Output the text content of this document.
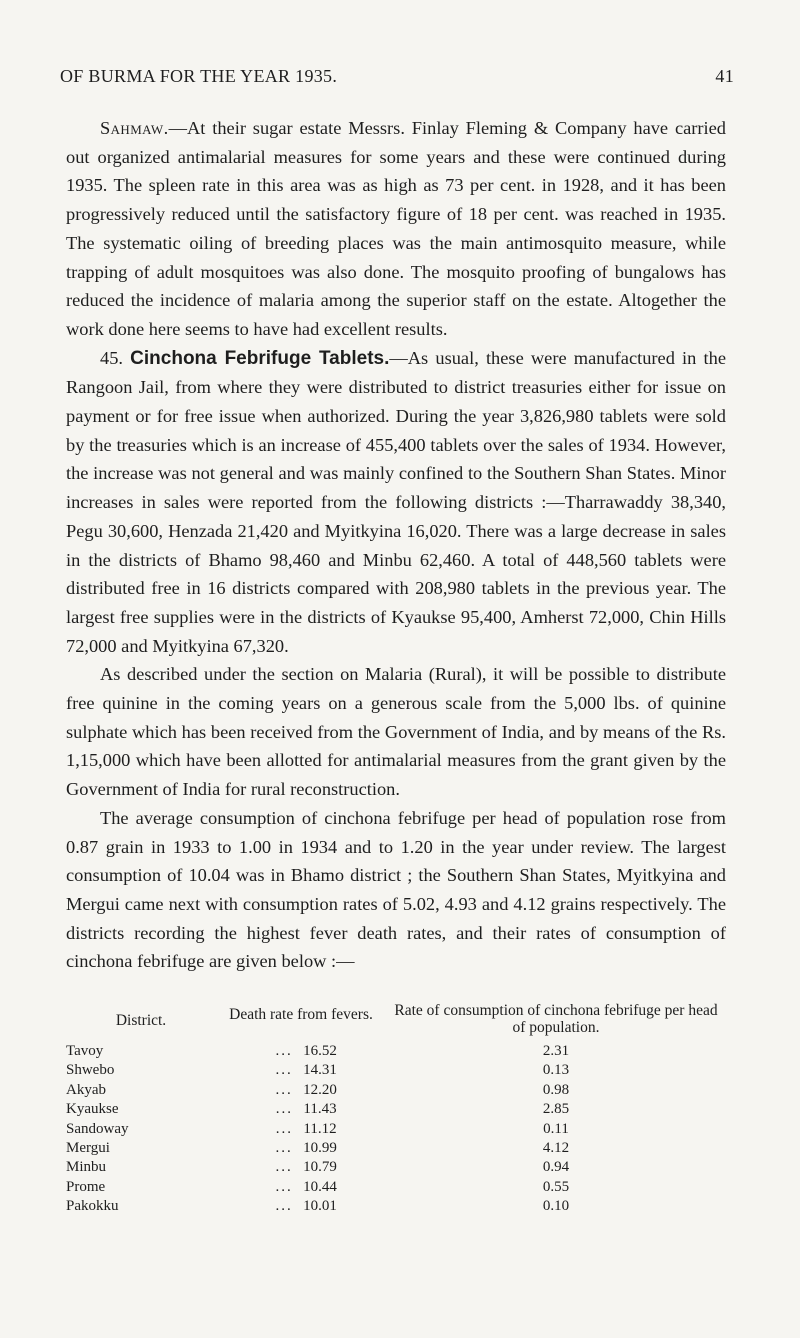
OF BURMA FOR THE YEAR 1935.	41

Sahmaw.—At their sugar estate Messrs. Finlay Fleming & Company have carried out organized antimalarial measures for some years and these were continued during 1935. The spleen rate in this area was as high as 73 per cent. in 1928, and it has been progressively reduced until the satisfactory figure of 18 per cent. was reached in 1935. The systematic oiling of breeding places was the main antimosquito measure, while trapping of adult mosquitoes was also done. The mosquito proofing of bungalows has reduced the incidence of malaria among the superior staff on the estate. Altogether the work done here seems to have had excellent results.

45. Cinchona Febrifuge Tablets.—As usual, these were manufactured in the Rangoon Jail, from where they were distributed to district treasuries either for issue on payment or for free issue when authorized. During the year 3,826,980 tablets were sold by the treasuries which is an increase of 455,400 tablets over the sales of 1934. However, the increase was not general and was mainly confined to the Southern Shan States. Minor increases in sales were reported from the following districts :—Tharrawaddy 38,340, Pegu 30,600, Henzada 21,420 and Myitkyina 16,020. There was a large decrease in sales in the districts of Bhamo 98,460 and Minbu 62,460. A total of 448,560 tablets were distributed free in 16 districts compared with 208,980 tablets in the previous year. The largest free supplies were in the districts of Kyaukse 95,400, Amherst 72,000, Chin Hills 72,000 and Myitkyina 67,320.

As described under the section on Malaria (Rural), it will be possible to distribute free quinine in the coming years on a generous scale from the 5,000 lbs. of quinine sulphate which has been received from the Government of India, and by means of the Rs. 1,15,000 which have been allotted for antimalarial measures from the grant given by the Government of India for rural reconstruction.

The average consumption of cinchona febrifuge per head of population rose from 0.87 grain in 1933 to 1.00 in 1934 and to 1.20 in the year under review. The largest consumption of 10.04 was in Bhamo district ; the Southern Shan States, Myitkyina and Mergui came next with consumption rates of 5.02, 4.93 and 4.12 grains respectively. The districts recording the highest fever death rates, and their rates of consumption of cinchona febrifuge are given below :—

District.	Death rate from fevers.	Rate of consumption of cinchona febrifuge per head of population.
Tavoy	... 16.52	2.31
Shwebo	... 14.31	0.13
Akyab	... 12.20	0.98
Kyaukse	... 11.43	2.85
Sandoway	... 11.12	0.11
Mergui	... 10.99	4.12
Minbu	... 10.79	0.94
Prome	... 10.44	0.55
Pakokku	... 10.01	0.10
